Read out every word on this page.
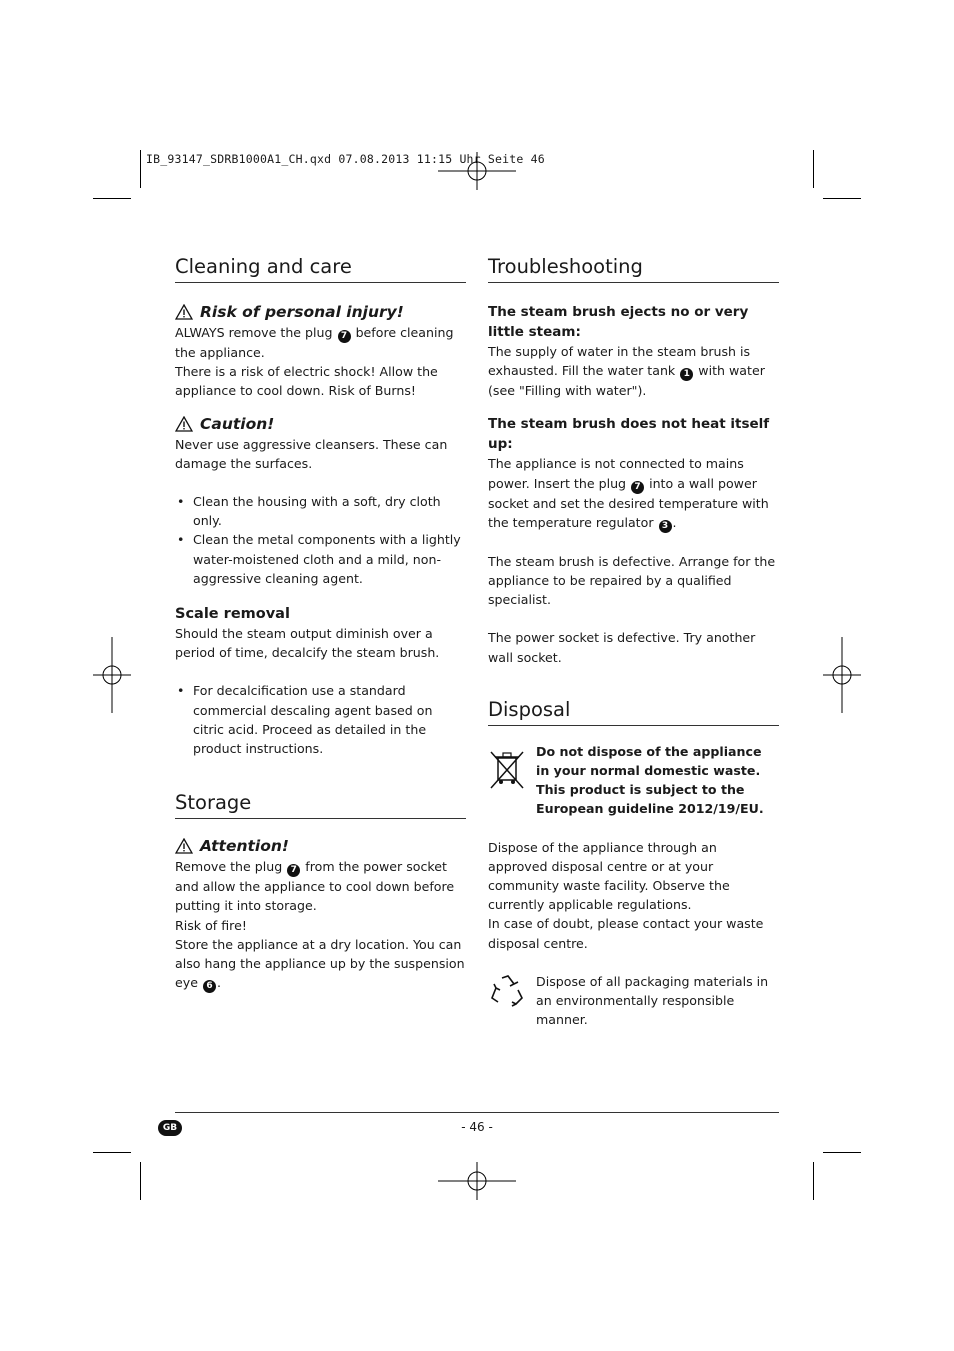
IB_93147_SDRB1000A1_CH.qxd 07.08.2013 11:15 Uhr Seite 46
Cleaning and care
Risk of personal injury!

ALWAYS remove the plug 7 before cleaning the appliance.

There is a risk of electric shock! Allow the appliance to cool down. Risk of Burns!

Caution!

Never use aggressive cleansers. These can damage the surfaces.

• Clean the housing with a soft, dry cloth only.
• Clean the metal components with a lightly water-moistened cloth and a mild, non-aggressive cleaning agent.
Scale removal

Should the steam output diminish over a period of time, decalcify the steam brush.

• For decalcification use a standard commercial descaling agent based on citric acid. Proceed as detailed in the product instructions.
Storage
Attention!

Remove the plug 7 from the power socket and allow the appliance to cool down before putting it into storage.

Risk of fire!

Store the appliance at a dry location. You can also hang the appliance up by the suspension eye 6 .

Troubleshooting
The steam brush ejects no or very little steam:

The supply of water in the steam brush is exhausted. Fill the water tank 1 with water (see "Filling with water").

The steam brush does not heat itself up:

The appliance is not connected to mains power. Insert the plug 7 into a wall power socket and set the desired temperature with the temperature regulator 3 .

The steam brush is defective. Arrange for the appliance to be repaired by a qualified specialist.

The power socket is defective. Try another wall socket.

Disposal

Do not dispose of the appliance in your normal domestic waste. This product is subject to the European guideline 2012/19/EU.

Dispose of the appliance through an approved disposal centre or at your community waste facility. Observe the currently applicable regulations.

In case of doubt, please contact your waste disposal centre.

Dispose of all packaging materials in an environmentally responsible manner.

GB	- 46 -
